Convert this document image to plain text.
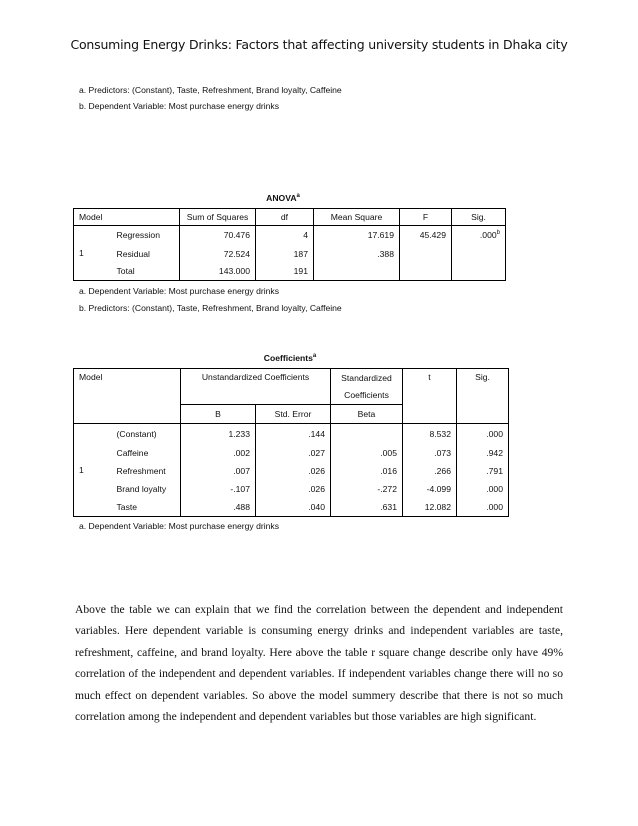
Consuming Energy Drinks: Factors that affecting university students in Dhaka city
a. Predictors: (Constant), Taste, Refreshment, Brand loyalty, Caffeine
b. Dependent Variable: Most purchase energy drinks
ANOVA$^a$
Model		Sum of Squares	df	Mean Square	F	Sig.
1	Regression	70.476	4	17.619	45.429	.000$^b$
	Residual	72.524	187	.388		
	Total	143.000	191			
a. Dependent Variable: Most purchase energy drinks
b. Predictors: (Constant), Taste, Refreshment, Brand loyalty, Caffeine
Coefficients$^a$
Model		Unstandardized Coefficients		Standardized	t	Sig.
				Coefficients		
		B	Std. Error	Beta		
1	(Constant)	1.233	.144		8.532	.000
	Caffeine	.002	.027	.005	.073	.942
	Refreshment	.007	.026	.016	.266	.791
	Brand loyalty	-.107	.026	-.272	-4.099	.000
	Taste	.488	.040	.631	12.082	.000
a. Dependent Variable: Most purchase energy drinks
Above the table we can explain that we find the correlation between the dependent and independent variables. Here dependent variable is consuming energy drinks and independent variables are taste, refreshment, caffeine, and brand loyalty. Here above the table r square change describe only have 49% correlation of the independent and dependent variables. If independent variables change there will no so much effect on dependent variables. So above the model summery describe that there is not so much correlation among the independent and dependent variables but those variables are high significant.
